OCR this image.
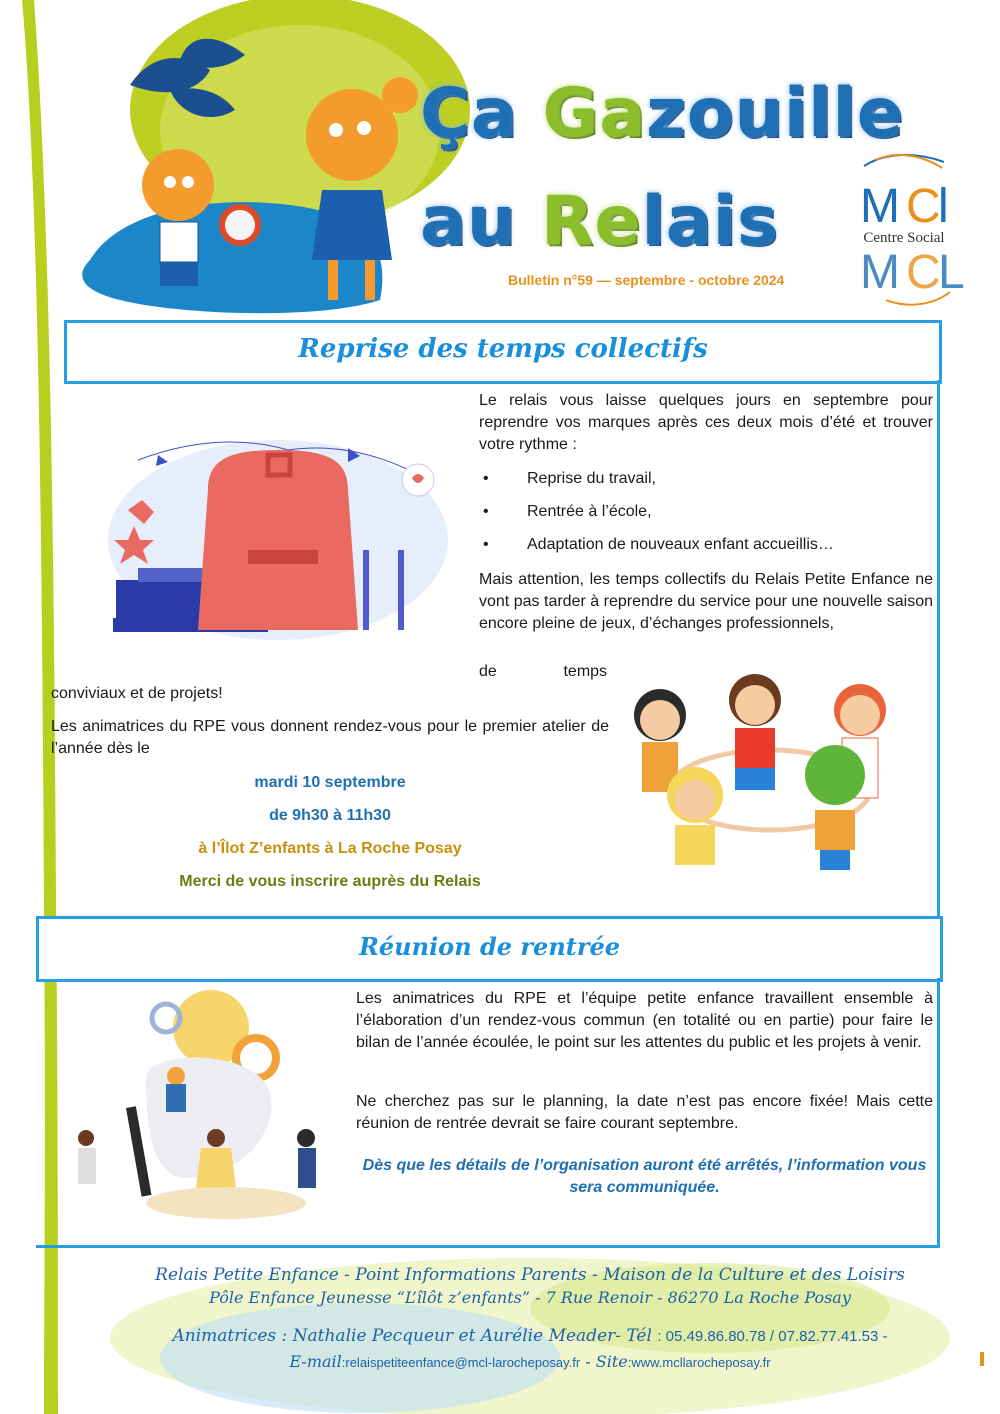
Ça Gazouille
au Relais
Bulletin n°59 — septembre - octobre 2024
M
C
l
M C
L
Centre Social
Reprise des temps collectifs
Le relais vous laisse quelques jours en septembre pour reprendre vos marques après ces deux mois d’été et trouver votre rythme :
• Reprise du travail,
• Rentrée à l’école,
• Adaptation de nouveaux enfant accueillis…
Mais attention, les temps collectifs du Relais Petite Enfance ne vont pas tarder à reprendre du service pour une nouvelle saison encore pleine de jeux, d’échanges professionnels,
de               temps
conviviaux et de projets!
Les animatrices du RPE vous donnent rendez-vous pour le premier atelier de l’année dès le
mardi 10 septembre
de 9h30 à 11h30
à l’Îlot Z’enfants à La Roche Posay
Merci de vous inscrire auprès du Relais
Réunion de rentrée
Les animatrices du RPE et l’équipe petite enfance travaillent ensemble à l’élaboration d’un rendez-vous commun (en totalité ou en partie) pour faire le bilan de l’année écoulée, le point sur les attentes du public et les projets à venir.
Ne cherchez pas sur le planning, la date n’est pas encore fixée! Mais cette réunion de rentrée devrait se faire courant septembre.
Dès que les détails de l’organisation auront été arrêtés, l’information vous sera communiquée.
Relais Petite Enfance - Point Informations Parents - Maison de la Culture et des Loisirs
Pôle Enfance Jeunesse “L’îlôt z’enfants” - 7 Rue Renoir - 86270 La Roche Posay
Animatrices : Nathalie Pecqueur et Aurélie Meader- Tél : 05.49.86.80.78 / 07.82.77.41.53 -
E-mail:relaispetiteenfance@mcl-larocheposay.fr - Site:www.mcllarocheposay.fr
